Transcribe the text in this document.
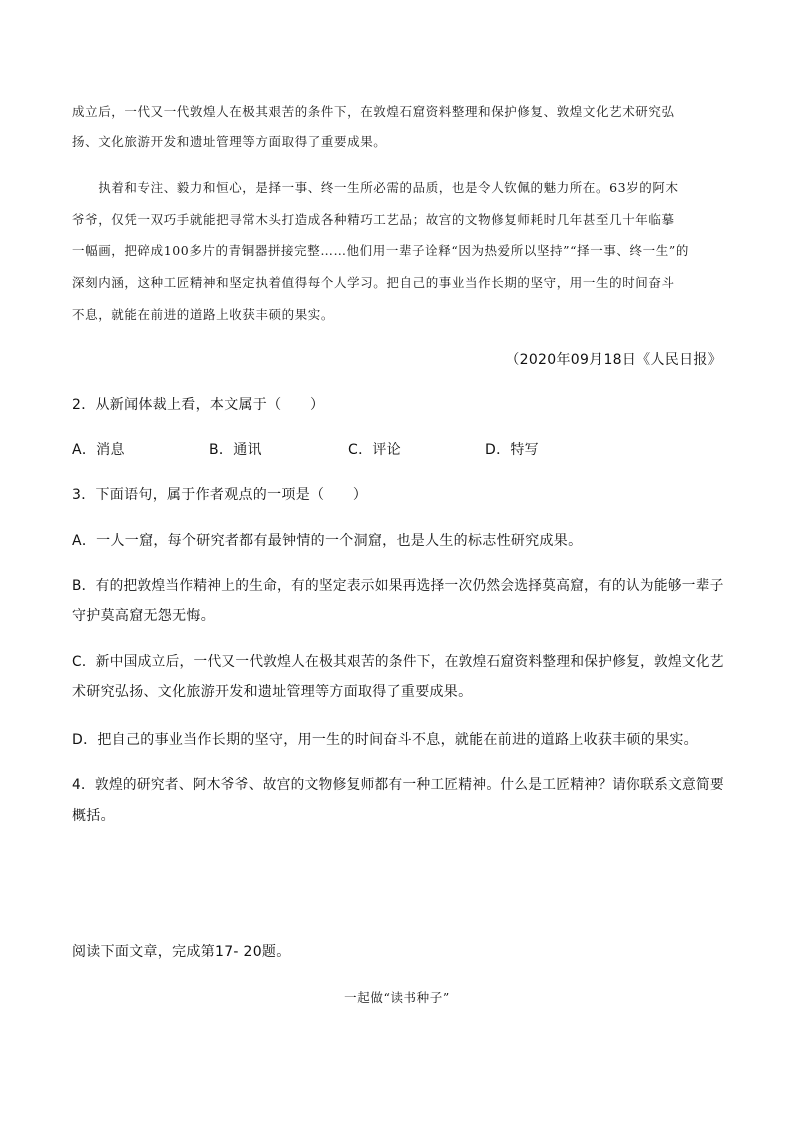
成立后，一代又一代敦煌人在极其艰苦的条件下，在敦煌石窟资料整理和保护修复、敦煌文化艺术研究弘
扬、文化旅游开发和遗址管理等方面取得了重要成果。
　　执着和专注、毅力和恒心，是择一事、终一生所必需的品质，也是令人钦佩的魅力所在。63岁的阿木
爷爷，仅凭一双巧手就能把寻常木头打造成各种精巧工艺品；故宫的文物修复师耗时几年甚至几十年临摹
一幅画，把碎成100多片的青铜器拼接完整……他们用一辈子诠释“因为热爱所以坚持”“择一事、终一生”的
深刻内涵，这种工匠精神和坚定执着值得每个人学习。把自己的事业当作长期的坚守，用一生的时间奋斗
不息，就能在前进的道路上收获丰硕的果实。
（2020年09月18日《人民日报》
2．从新闻体裁上看，本文属于（　　）
A．消息	B．通讯	C．评论	D．特写
3．下面语句，属于作者观点的一项是（　　）
A．一人一窟，每个研究者都有最钟情的一个洞窟，也是人生的标志性研究成果。
B．有的把敦煌当作精神上的生命，有的坚定表示如果再选择一次仍然会选择莫高窟，有的认为能够一辈子
守护莫高窟无怨无悔。
C．新中国成立后，一代又一代敦煌人在极其艰苦的条件下，在敦煌石窟资料整理和保护修复，敦煌文化艺
术研究弘扬、文化旅游开发和遗址管理等方面取得了重要成果。
D．把自己的事业当作长期的坚守，用一生的时间奋斗不息，就能在前进的道路上收获丰硕的果实。
4．敦煌的研究者、阿木爷爷、故宫的文物修复师都有一种工匠精神。什么是工匠精神？请你联系文意简要
概括。
阅读下面文章，完成第17- 20题。
一起做“读书种子”
